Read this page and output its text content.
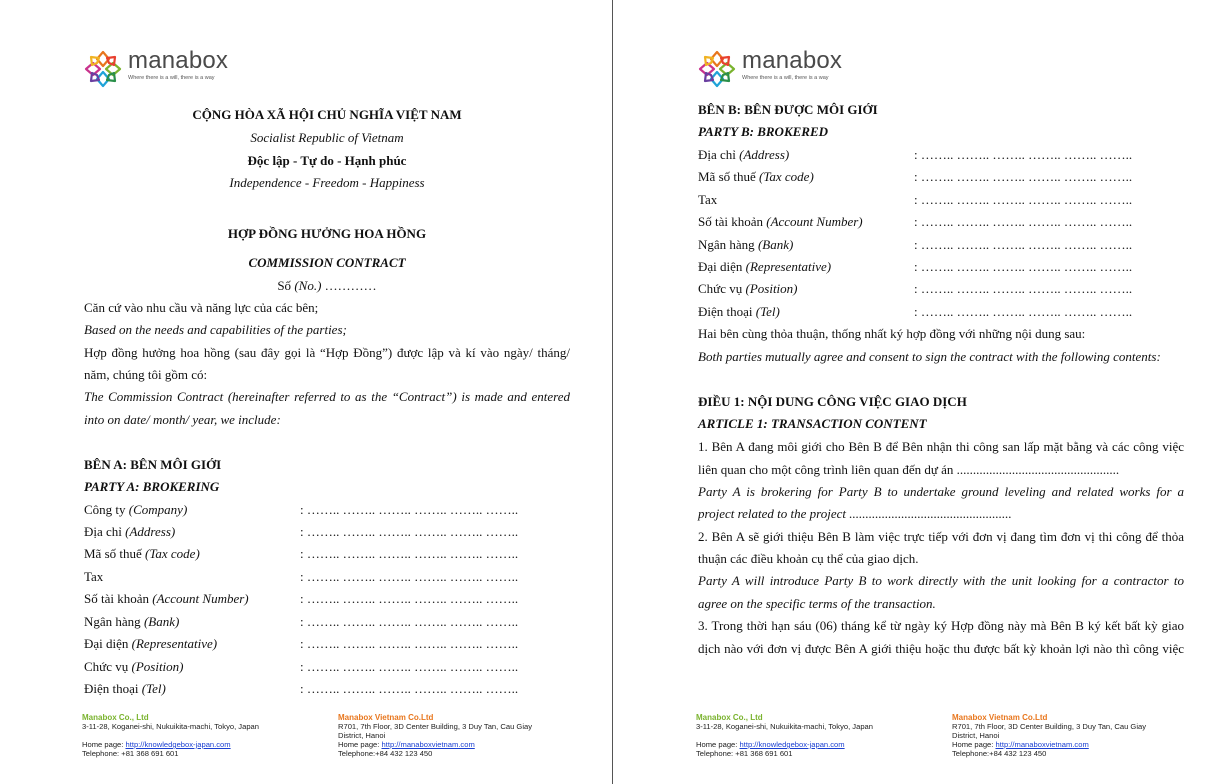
manabox
Where there is a will, there is a way
CỘNG HÒA XÃ HỘI CHỦ NGHĨA VIỆT NAM
Socialist Republic of Vietnam
Độc lập - Tự do - Hạnh phúc
Independence - Freedom - Happiness
HỢP ĐỒNG HƯỞNG HOA HỒNG
COMMISSION CONTRACT
Số (No.) …………
Căn cứ vào nhu cầu và năng lực của các bên;
Based on the needs and capabilities of the parties;
Hợp đồng hưởng hoa hồng (sau đây gọi là “Hợp Đồng”) được lập và kí vào ngày/ tháng/
năm, chúng tôi gồm có:
The Commission Contract (hereinafter referred to as the “Contract”) is made and entered
into on date/ month/ year, we include:
BÊN A: BÊN MÔI GIỚI
PARTY A: BROKERING
Công ty (Company)	: …….. …….. …….. …….. …….. ……..
Địa chỉ (Address)	: …….. …….. …….. …….. …….. ……..
Mã số thuế (Tax code)	: …….. …….. …….. …….. …….. ……..
Tax	: …….. …….. …….. …….. …….. ……..
Số tài khoản (Account Number)	: …….. …….. …….. …….. …….. ……..
Ngân hàng (Bank)	: …….. …….. …….. …….. …….. ……..
Đại diện (Representative)	: …….. …….. …….. …….. …….. ……..
Chức vụ (Position)	: …….. …….. …….. …….. …….. ……..
Điện thoại (Tel)	: …….. …….. …….. …….. …….. ……..
Manabox Co., Ltd
3-11-28, Koganei-shi, Nukuikita-machi, Tokyo, Japan
Home page: http://knowledgebox-japan.com
Telephone: +81 368 691 601
Manabox Vietnam Co.Ltd
R701, 7th Floor, 3D Center Building, 3 Duy Tan, Cau Giay
District, Hanoi
Home page: http://manaboxvietnam.com
Telephone:+84 432 123 450
manabox
Where there is a will, there is a way
BÊN B: BÊN ĐƯỢC MÔI GIỚI
PARTY B: BROKERED
Địa chỉ (Address)	: …….. …….. …….. …….. …….. ……..
Mã số thuế (Tax code)	: …….. …….. …….. …….. …….. ……..
Tax	: …….. …….. …….. …….. …….. ……..
Số tài khoản (Account Number)	: …….. …….. …….. …….. …….. ……..
Ngân hàng (Bank)	: …….. …….. …….. …….. …….. ……..
Đại diện (Representative)	: …….. …….. …….. …….. …….. ……..
Chức vụ (Position)	: …….. …….. …….. …….. …….. ……..
Điện thoại (Tel)	: …….. …….. …….. …….. …….. ……..
Hai bên cùng thỏa thuận, thống nhất ký hợp đồng với những nội dung sau:
Both parties mutually agree and consent to sign the contract with the following contents:
ĐIỀU 1: NỘI DUNG CÔNG VIỆC GIAO DỊCH
ARTICLE 1: TRANSACTION CONTENT
1. Bên A đang môi giới cho Bên B để Bên nhận thi công san lấp mặt bằng và các công việc
liên quan cho một công trình liên quan đến dự án ..................................................
Party A is brokering for Party B to undertake ground leveling and related works for a
project related to the project ..................................................
2. Bên A sẽ giới thiệu Bên B làm việc trực tiếp với đơn vị đang tìm đơn vị thi công để thỏa
thuận các điều khoản cụ thể của giao dịch.
Party A will introduce Party B to work directly with the unit looking for a contractor to
agree on the specific terms of the transaction.
3. Trong thời hạn sáu (06) tháng kể từ ngày ký Hợp đồng này mà Bên B ký kết bất kỳ giao
dịch nào với đơn vị được Bên A giới thiệu hoặc thu được bất kỳ khoản lợi nào thì công việc
Manabox Co., Ltd
3-11-28, Koganei-shi, Nukuikita-machi, Tokyo, Japan
Home page: http://knowledgebox-japan.com
Telephone: +81 368 691 601
Manabox Vietnam Co.Ltd
R701, 7th Floor, 3D Center Building, 3 Duy Tan, Cau Giay
District, Hanoi
Home page: http://manaboxvietnam.com
Telephone:+84 432 123 450
